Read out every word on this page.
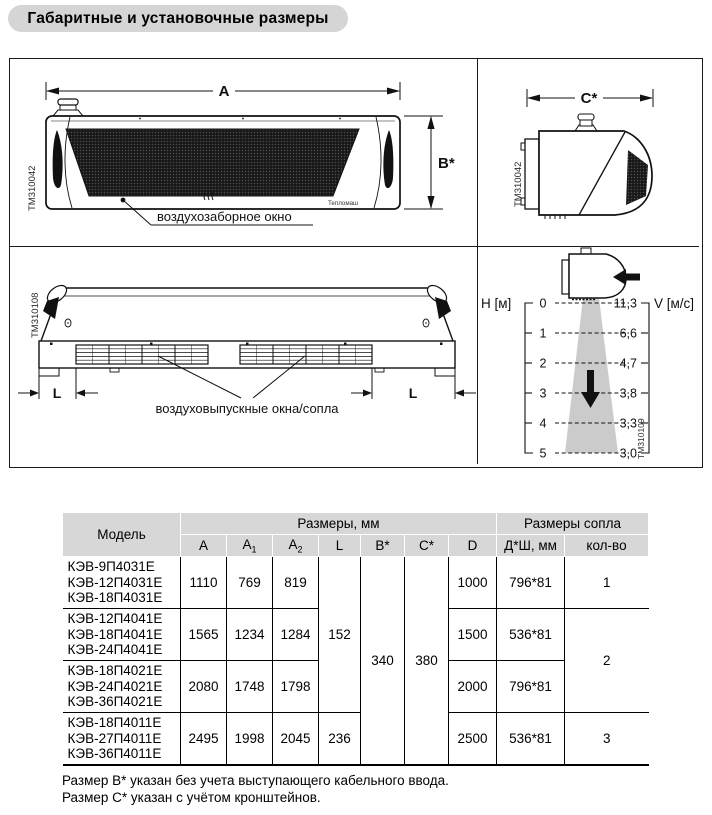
Габаритные и установочные размеры
A
Тепломаш
B*
воздухозаборное окно
ТМ310042
C*
ТМ310042
L	L
воздуховыпускные окна/сопла
ТМ310108	H [м]	V [м/с]
0
1
2
3
4
5
11,3
6,6
4,7
3,8
3,3
3,0 ТМ310109
Модель	Размеры, мм							Размеры сопла	
	A	$A_1$	$A_2$	L	B*	C*	D	Д*Ш, мм	кол-во

КЭВ-9П4031Е
КЭВ-12П4031Е
КЭВ-18П4031Е	1110	769	819	152	340	380	1000	796*81	1

КЭВ-12П4041Е
КЭВ-18П4041Е
КЭВ-24П4041Е	1565	1234	1284				1500	536*81	2

КЭВ-18П4021Е
КЭВ-24П4021Е
КЭВ-36П4021Е	2080	1748	1798				2000	796*81	

КЭВ-18П4011Е
КЭВ-27П4011Е
КЭВ-36П4011Е	2495	1998	2045	236			2500	536*81	3
Размер B* указан без учета выступающего кабельного ввода.
Размер C* указан с учётом кронштейнов.
